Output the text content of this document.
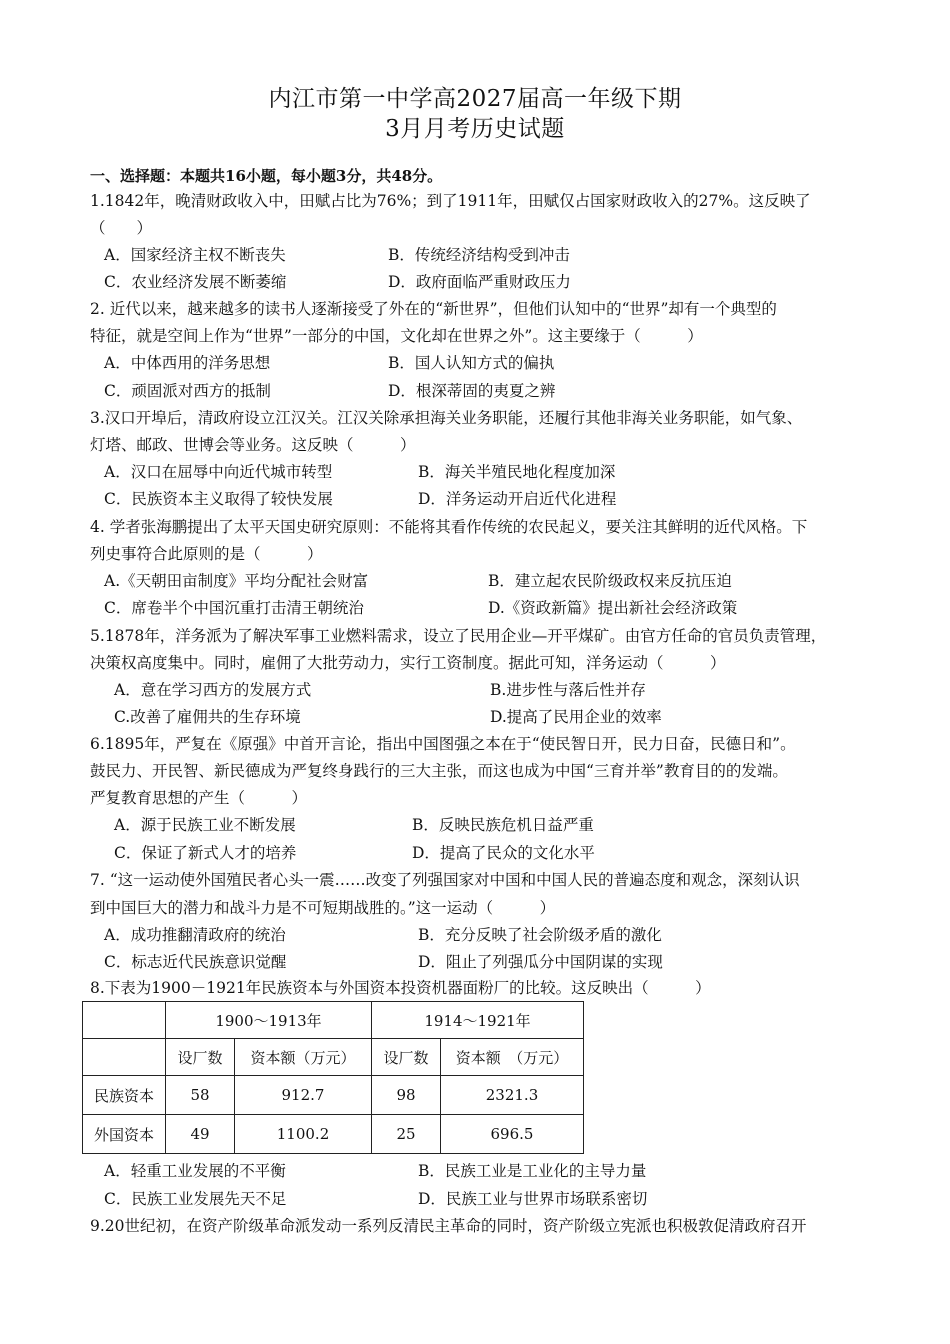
内江市第一中学高2027届高一年级下期
3月月考历史试题
一、选择题：本题共16小题，每小题3分，共48分。
1.1842年，晚清财政收入中，田赋占比为76%；到了1911年，田赋仅占国家财政收入的27%。这反映了
（　　）
A．国家经济主权不断丧失	B．传统经济结构受到冲击
C．农业经济发展不断萎缩	D．政府面临严重财政压力
2. 近代以来，越来越多的读书人逐渐接受了外在的“新世界”，但他们认知中的“世界”却有一个典型的
特征，就是空间上作为“世界”一部分的中国，文化却在世界之外”。这主要缘于（　　　）
A．中体西用的洋务思想	B．国人认知方式的偏执
C．顽固派对西方的抵制	D．根深蒂固的夷夏之辨
3.汉口开埠后，清政府设立江汉关。江汉关除承担海关业务职能，还履行其他非海关业务职能，如气象、
灯塔、邮政、世博会等业务。这反映（　　　）
A．汉口在屈辱中向近代城市转型	B．海关半殖民地化程度加深
C．民族资本主义取得了较快发展	D．洋务运动开启近代化进程
4. 学者张海鹏提出了太平天国史研究原则：不能将其看作传统的农民起义，要关注其鲜明的近代风格。下
列史事符合此原则的是（　　　）
A.《天朝田亩制度》平均分配社会财富	B．建立起农民阶级政权来反抗压迫
C．席卷半个中国沉重打击清王朝统治	D.《资政新篇》提出新社会经济政策
5.1878年，洋务派为了解决军事工业燃料需求，设立了民用企业—开平煤矿。由官方任命的官员负责管理，
决策权高度集中。同时，雇佣了大批劳动力，实行工资制度。据此可知，洋务运动（　　　）
A．意在学习西方的发展方式	B.进步性与落后性并存
C.改善了雇佣共的生存环境	D.提高了民用企业的效率
6.1895年，严复在《原强》中首开言论，指出中国图强之本在于“使民智日开，民力日奋，民德日和”。
鼓民力、开民智、新民德成为严复终身践行的三大主张，而这也成为中国“三育并举”教育目的的发端。
严复教育思想的产生（　　　）
A．源于民族工业不断发展	B．反映民族危机日益严重
C．保证了新式人才的培养	D．提高了民众的文化水平
7. “这一运动使外国殖民者心头一震……改变了列强国家对中国和中国人民的普遍态度和观念，深刻认识
到中国巨大的潜力和战斗力是不可短期战胜的。”这一运动（　　　）
A．成功推翻清政府的统治	B．充分反映了社会阶级矛盾的激化
C．标志近代民族意识觉醒	D．阻止了列强瓜分中国阴谋的实现
8.下表为1900－1921年民族资本与外国资本投资机器面粉厂的比较。这反映出（　　　）
	1900～1913年		1914～1921年	
	设厂数	资本额（万元）	设厂数	资本额　（万元）
民族资本	58	912.7	98	2321.3
外国资本	49	1100.2	25	696.5
A．轻重工业发展的不平衡	B．民族工业是工业化的主导力量
C．民族工业发展先天不足	D．民族工业与世界市场联系密切
9.20世纪初，在资产阶级革命派发动一系列反清民主革命的同时，资产阶级立宪派也积极敦促清政府召开
